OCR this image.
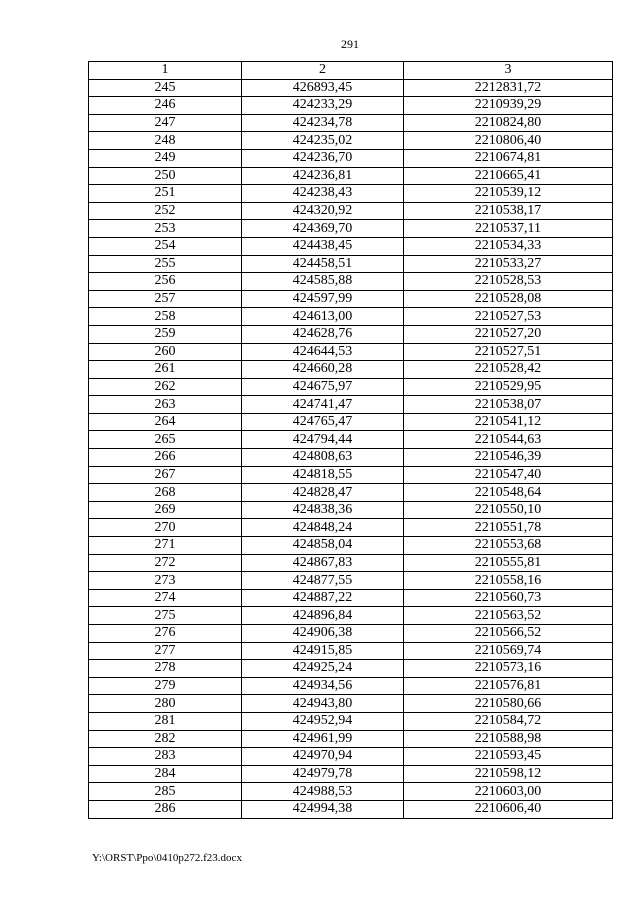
291
1	2	3
245	426893,45	2212831,72
246	424233,29	2210939,29
247	424234,78	2210824,80
248	424235,02	2210806,40
249	424236,70	2210674,81
250	424236,81	2210665,41
251	424238,43	2210539,12
252	424320,92	2210538,17
253	424369,70	2210537,11
254	424438,45	2210534,33
255	424458,51	2210533,27
256	424585,88	2210528,53
257	424597,99	2210528,08
258	424613,00	2210527,53
259	424628,76	2210527,20
260	424644,53	2210527,51
261	424660,28	2210528,42
262	424675,97	2210529,95
263	424741,47	2210538,07
264	424765,47	2210541,12
265	424794,44	2210544,63
266	424808,63	2210546,39
267	424818,55	2210547,40
268	424828,47	2210548,64
269	424838,36	2210550,10
270	424848,24	2210551,78
271	424858,04	2210553,68
272	424867,83	2210555,81
273	424877,55	2210558,16
274	424887,22	2210560,73
275	424896,84	2210563,52
276	424906,38	2210566,52
277	424915,85	2210569,74
278	424925,24	2210573,16
279	424934,56	2210576,81
280	424943,80	2210580,66
281	424952,94	2210584,72
282	424961,99	2210588,98
283	424970,94	2210593,45
284	424979,78	2210598,12
285	424988,53	2210603,00
286	424994,38	2210606,40
Y:\ORST\Ppo\0410p272.f23.docx
